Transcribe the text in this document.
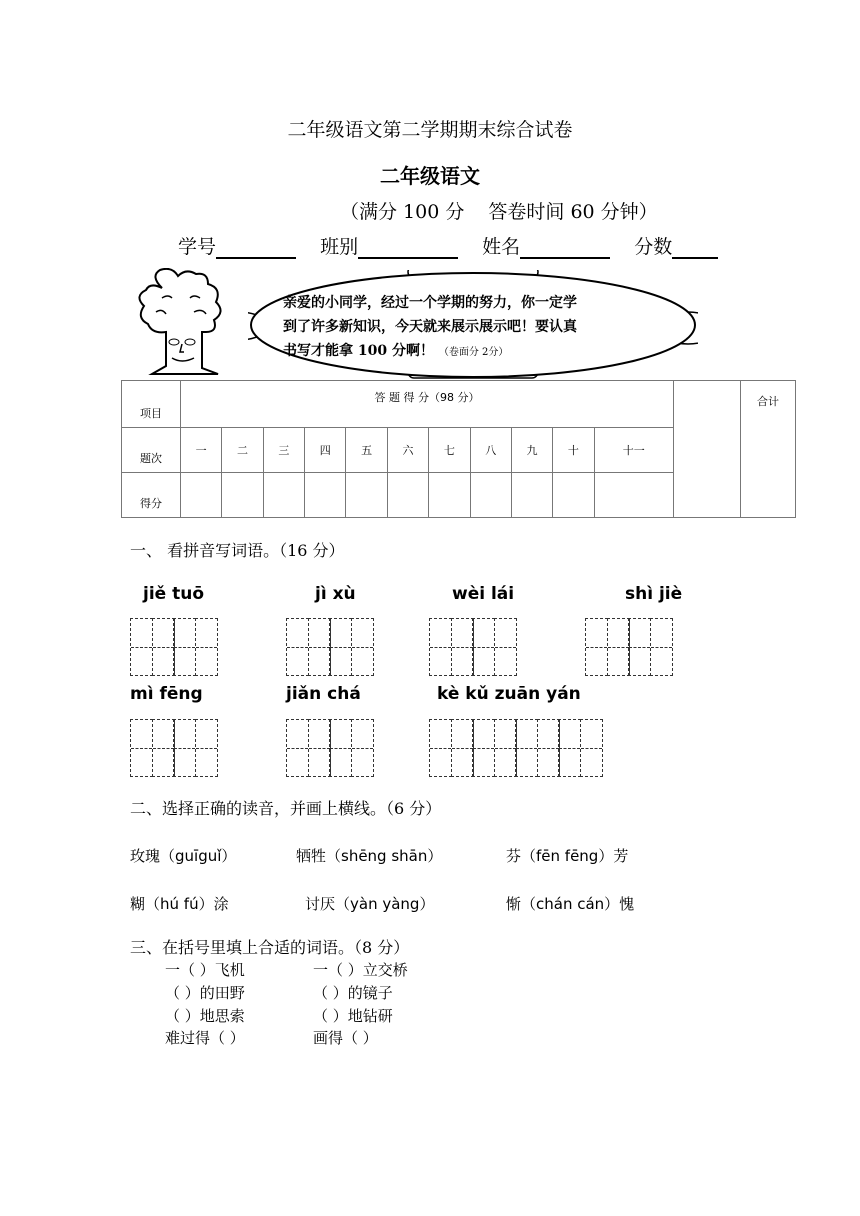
二年级语文第二学期期末综合试卷
二年级语文
（满分 100 分 答卷时间 60 分钟）
学号	班别	姓名	分数
亲爱的小同学，经过一个学期的努力，你一定学
到了许多新知识，今天就来展示展示吧！要认真
书写才能拿 100 分啊！ （卷面分 2分）
项目	答 题 得 分（98 分）												合计
题次	一	二	三	四	五	六	七	八	九	十	十一		
得分													
一、 看拼音写词语。（16 分）
jiě tuō	jì xù	wèi lái	shì jiè
mì fēng	jiǎn chá	kè kǔ zuān yán
二、选择正确的读音，并画上横线。（6 分）
玫瑰（guīguǐ）	牺牲（shēng shān）	芬（fēn fēng）芳
糊（hú fú）涂	讨厌（yàn yàng）	惭（chán cán）愧
三、在括号里填上合适的词语。（8 分）
一（ ）飞机	一（ ）立交桥
（ ）的田野	（ ）的镜子
（ ）地思索	（ ）地钻研
难过得（ ）	画得（ ）
